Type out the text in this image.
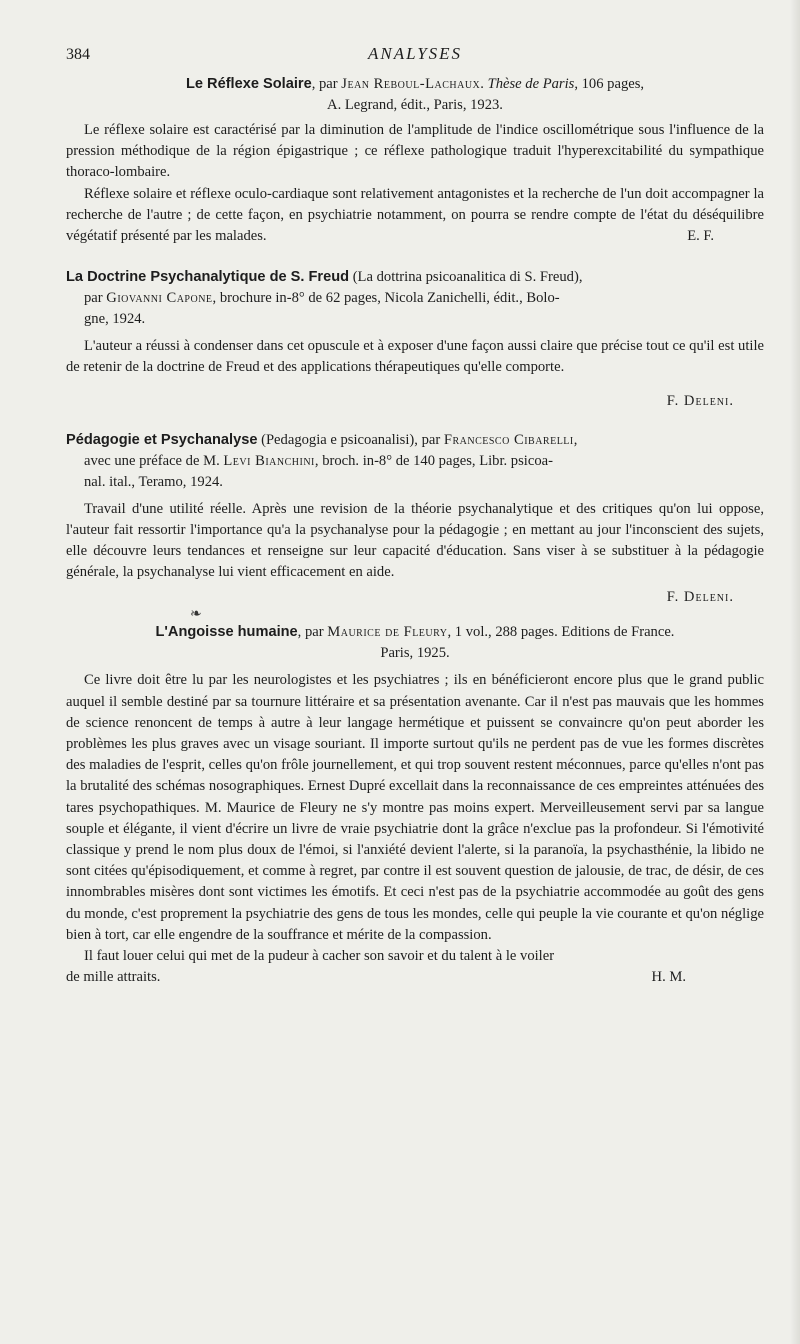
384	ANALYSES

Le Réflexe Solaire, par Jean Reboul-Lachaux. Thèse de Paris, 106 pages,
A. Legrand, édit., Paris, 1923.

Le réflexe solaire est caractérisé par la diminution de l'amplitude de l'indice oscillométrique sous l'influence de la pression méthodique de la région épigastrique ; ce réflexe pathologique traduit l'hyperexcitabilité du sympathique thoraco-lombaire.

Réflexe solaire et réflexe oculo-cardiaque sont relativement antagonistes et la recherche de l'un doit accompagner la recherche de l'autre ; de cette façon, en psychiatrie notamment, on pourra se rendre compte de l'état du déséquilibre végétatif présenté par les malades.	E. F.

La Doctrine Psychanalytique de S. Freud (La dottrina psicoanalitica di S. Freud),
par Giovanni Capone, brochure in-8° de 62 pages, Nicola Zanichelli, édit., Bolo-
gne, 1924.

L'auteur a réussi à condenser dans cet opuscule et à exposer d'une façon aussi claire que précise tout ce qu'il est utile de retenir de la doctrine de Freud et des applications thérapeutiques qu'elle comporte.

F. Deleni.

Pédagogie et Psychanalyse (Pedagogia e psicoanalisi), par Francesco Cibarelli,
avec une préface de M. Levi Bianchini, broch. in-8° de 140 pages, Libr. psicoa-
nal. ital., Teramo, 1924.

Travail d'une utilité réelle. Après une revision de la théorie psychanalytique et des critiques qu'on lui oppose, l'auteur fait ressortir l'importance qu'a la psychanalyse pour la pédagogie ; en mettant au jour l'inconscient des sujets, elle découvre leurs tendances et renseigne sur leur capacité d'éducation. Sans viser à se substituer à la pédagogie générale, la psychanalyse lui vient efficacement en aide.

F. Deleni.

❧

L'Angoisse humaine, par Maurice de Fleury, 1 vol., 288 pages. Editions de France.
Paris, 1925.

Ce livre doit être lu par les neurologistes et les psychiatres ; ils en bénéficieront encore plus que le grand public auquel il semble destiné par sa tournure littéraire et sa présentation avenante. Car il n'est pas mauvais que les hommes de science renoncent de temps à autre à leur langage hermétique et puissent se convaincre qu'on peut aborder les problèmes les plus graves avec un visage souriant. Il importe surtout qu'ils ne perdent pas de vue les formes discrètes des maladies de l'esprit, celles qu'on frôle journellement, et qui trop souvent restent méconnues, parce qu'elles n'ont pas la brutalité des schémas nosographiques. Ernest Dupré excellait dans la reconnaissance de ces empreintes atténuées des tares psychopathiques. M. Maurice de Fleury ne s'y montre pas moins expert. Merveilleusement servi par sa langue souple et élégante, il vient d'écrire un livre de vraie psychiatrie dont la grâce n'exclue pas la profondeur. Si l'émotivité classique y prend le nom plus doux de l'émoi, si l'anxiété devient l'alerte, si la paranoïa, la psychasthénie, la libido ne sont citées qu'épisodiquement, et comme à regret, par contre il est souvent question de jalousie, de trac, de désir, de ces innombrables misères dont sont victimes les émotifs. Et ceci n'est pas de la psychiatrie accommodée au goût des gens du monde, c'est proprement la psychiatrie des gens de tous les mondes, celle qui peuple la vie courante et qu'on néglige bien à tort, car elle engendre de la souffrance et mérite de la compassion.

Il faut louer celui qui met de la pudeur à cacher son savoir et du talent à le voiler

de mille attraits.	H. M.
